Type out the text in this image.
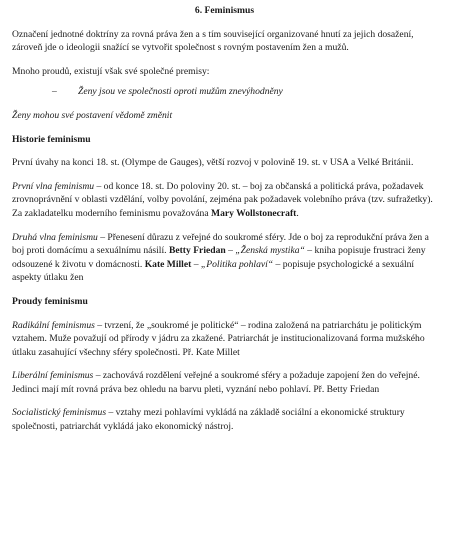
6. Feminismus

Označení jednotné doktríny za rovná práva žen a s tím související organizované hnutí za jejich dosažení, zároveň jde o ideologii snažící se vytvořit společnost s rovným postavením žen a mužů.

Mnoho proudů, existují však své společné premisy:

– Ženy jsou ve společnosti oproti mužům znevýhodněny

Ženy mohou své postavení vědomě změnit

Historie feminismu

První úvahy na konci 18. st. (Olympe de Gauges), větší rozvoj v polovině 19. st. v USA a Velké Británii.

První vlna feminismu – od konce 18. st. Do poloviny 20. st. – boj za občanská a politická práva, požadavek zrovnoprávnění v oblasti vzdělání, volby povolání, zejména pak požadavek volebního práva (tzv. sufražetky). Za zakladatelku moderního feminismu považována Mary Wollstonecraft.

Druhá vlna feminismu – Přenesení důrazu z veřejné do soukromé sféry. Jde o boj za reprodukční práva žen a boj proti domácímu a sexuálnímu násilí. Betty Friedan – „Ženská mystika“ – kniha popisuje frustraci ženy odsouzené k životu v domácnosti. Kate Millet – „Politika pohlaví“ – popisuje psychologické a sexuální aspekty útlaku žen

Proudy feminismu

Radikální feminismus – tvrzení, že „soukromé je politické“ – rodina založená na patriarchátu je politickým vztahem. Muže považují od přírody v jádru za zkažené. Patriarchát je institucionalizovaná forma mužského útlaku zasahující všechny sféry společnosti. Př. Kate Millet

Liberální feminismus – zachovává rozdělení veřejné a soukromé sféry a požaduje zapojení žen do veřejné. Jedinci mají mít rovná práva bez ohledu na barvu pleti, vyznání nebo pohlaví. Př. Betty Friedan

Socialistický feminismus – vztahy mezi pohlavími vykládá na základě sociální a ekonomické struktury společnosti, patriarchát vykládá jako ekonomický nástroj.
